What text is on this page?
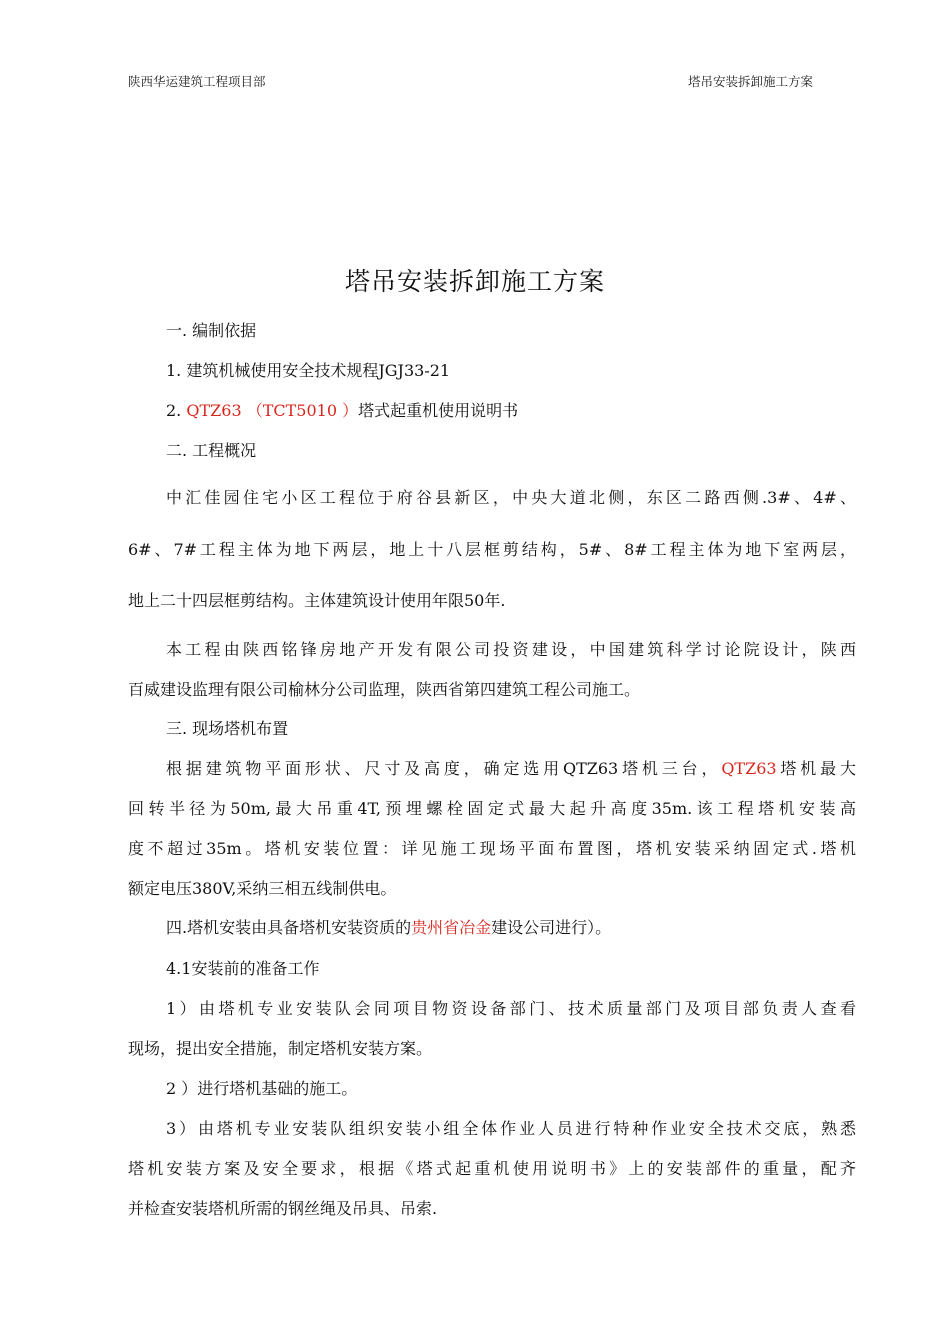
陕西华运建筑工程项目部	塔吊安装拆卸施工方案
塔吊安装拆卸施工方案
一. 编制依据
1. 建筑机械使用安全技术规程JGJ33-21
2. QTZ63 （TCT5010 ）塔式起重机使用说明书
二. 工程概况
中汇佳园住宅小区工程位于府谷县新区，中央大道北侧，东区二路西侧.3#、4#、
6#、7#工程主体为地下两层，地上十八层框剪结构，5#、8#工程主体为地下室两层，
地上二十四层框剪结构。主体建筑设计使用年限50年.
本工程由陕西铭锋房地产开发有限公司投资建设，中国建筑科学讨论院设计，陕西
百威建设监理有限公司榆林分公司监理，陕西省第四建筑工程公司施工。
三. 现场塔机布置
根据建筑物平面形状、尺寸及高度，确定选用QTZ63塔机三台，QTZ63塔机最大
回转半径为50m,最大吊重4T,预埋螺栓固定式最大起升高度35m.该工程塔机安装高
度不超过35m。塔机安装位置：详见施工现场平面布置图，塔机安装采纳固定式.塔机
额定电压380V,采纳三相五线制供电。
四.塔机安装由具备塔机安装资质的贵州省冶金建设公司进行）。
4.1安装前的准备工作
1）由塔机专业安装队会同项目物资设备部门、技术质量部门及项目部负责人查看
现场，提出安全措施，制定塔机安装方案。
2 ）进行塔机基础的施工。
3）由塔机专业安装队组织安装小组全体作业人员进行特种作业安全技术交底，熟悉
塔机安装方案及安全要求，根据《塔式起重机使用说明书》上的安装部件的重量，配齐
并检查安装塔机所需的钢丝绳及吊具、吊索.
